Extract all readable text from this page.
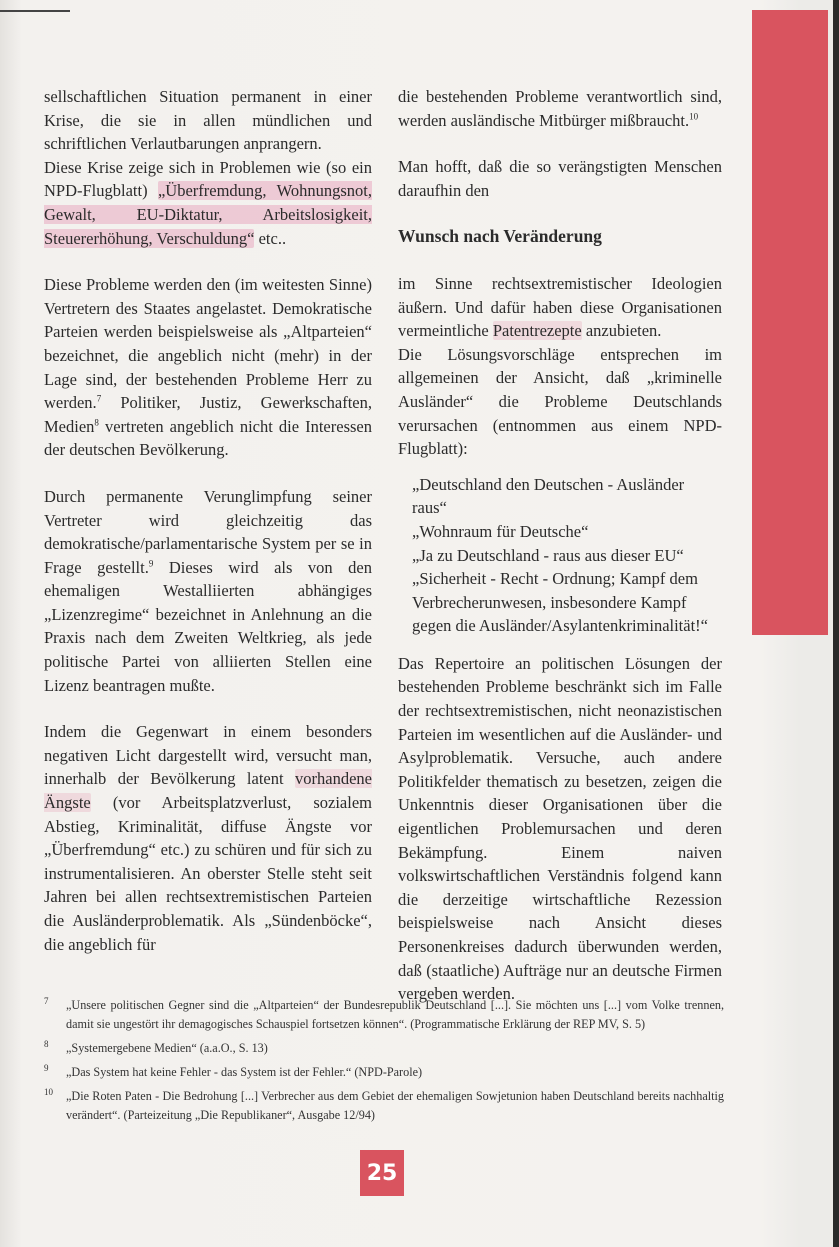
sellschaftlichen Situation permanent in einer Krise, die sie in allen mündlichen und schriftlichen Verlautbarungen anprangern.

Diese Krise zeige sich in Problemen wie (so ein NPD-Flugblatt) „Überfremdung, Wohnungsnot, Gewalt, EU-Diktatur, Arbeitslosigkeit, Steuererhöhung, Verschuldung“ etc..

Diese Probleme werden den (im weitesten Sinne) Vertretern des Staates angelastet. Demokratische Parteien werden beispielsweise als „Altparteien“ bezeichnet, die angeblich nicht (mehr) in der Lage sind, der bestehenden Probleme Herr zu werden.$^7$ Politiker, Justiz, Gewerkschaften, Medien$^8$ vertreten angeblich nicht die Interessen der deutschen Bevölkerung.

Durch permanente Verunglimpfung seiner Vertreter wird gleichzeitig das demokratische/parlamentarische System per se in Frage gestellt.$^9$ Dieses wird als von den ehemaligen Westalliierten abhängiges „Lizenzregime“ bezeichnet in Anlehnung an die Praxis nach dem Zweiten Weltkrieg, als jede politische Partei von alliierten Stellen eine Lizenz beantragen mußte.

Indem die Gegenwart in einem besonders negativen Licht dargestellt wird, versucht man, innerhalb der Bevölkerung latent vorhandene Ängste (vor Arbeitsplatzverlust, sozialem Abstieg, Kriminalität, diffuse Ängste vor „Überfremdung“ etc.) zu schüren und für sich zu instrumentalisieren. An oberster Stelle steht seit Jahren bei allen rechtsextremistischen Parteien die Ausländerproblematik. Als „Sündenböcke“, die angeblich für

die bestehenden Probleme verantwortlich sind, werden ausländische Mitbürger mißbraucht.$^{10}$

Man hofft, daß die so verängstigten Menschen daraufhin den

Wunsch nach Veränderung

im Sinne rechtsextremistischer Ideologien äußern. Und dafür haben diese Organisationen vermeintliche Patentrezepte anzubieten.

Die Lösungsvorschläge entsprechen im allgemeinen der Ansicht, daß „kriminelle Ausländer“ die Probleme Deutschlands verursachen (entnommen aus einem NPD-Flugblatt):

„Deutschland den Deutschen - Ausländer raus“

„Wohnraum für Deutsche“

„Ja zu Deutschland - raus aus dieser EU“

„Sicherheit - Recht - Ordnung; Kampf dem Verbrecherunwesen, insbesondere Kampf gegen die Ausländer/Asylantenkriminalität!“

Das Repertoire an politischen Lösungen der bestehenden Probleme beschränkt sich im Falle der rechtsextremistischen, nicht neonazistischen Parteien im wesentlichen auf die Ausländer- und Asylproblematik. Versuche, auch andere Politikfelder thematisch zu besetzen, zeigen die Unkenntnis dieser Organisationen über die eigentlichen Problemursachen und deren Bekämpfung. Einem naiven volkswirtschaftlichen Verständnis folgend kann die derzeitige wirtschaftliche Rezession beispielsweise nach Ansicht dieses Personenkreises dadurch überwunden werden, daß (staatliche) Aufträge nur an deutsche Firmen vergeben werden.

7 „Unsere politischen Gegner sind die „Altparteien“ der Bundesrepublik Deutschland [...]. Sie möchten uns [...] vom Volke trennen, damit sie ungestört ihr demagogisches Schauspiel fortsetzen können“. (Programmatische Erklärung der REP MV, S. 5)
8 „Systemergebene Medien“ (a.a.O., S. 13)
9 „Das System hat keine Fehler - das System ist der Fehler.“ (NPD-Parole)
10 „Die Roten Paten - Die Bedrohung [...] Verbrecher aus dem Gebiet der ehemaligen Sowjetunion haben Deutschland bereits nachhaltig verändert“. (Parteizeitung „Die Republikaner“, Ausgabe 12/94)
25
